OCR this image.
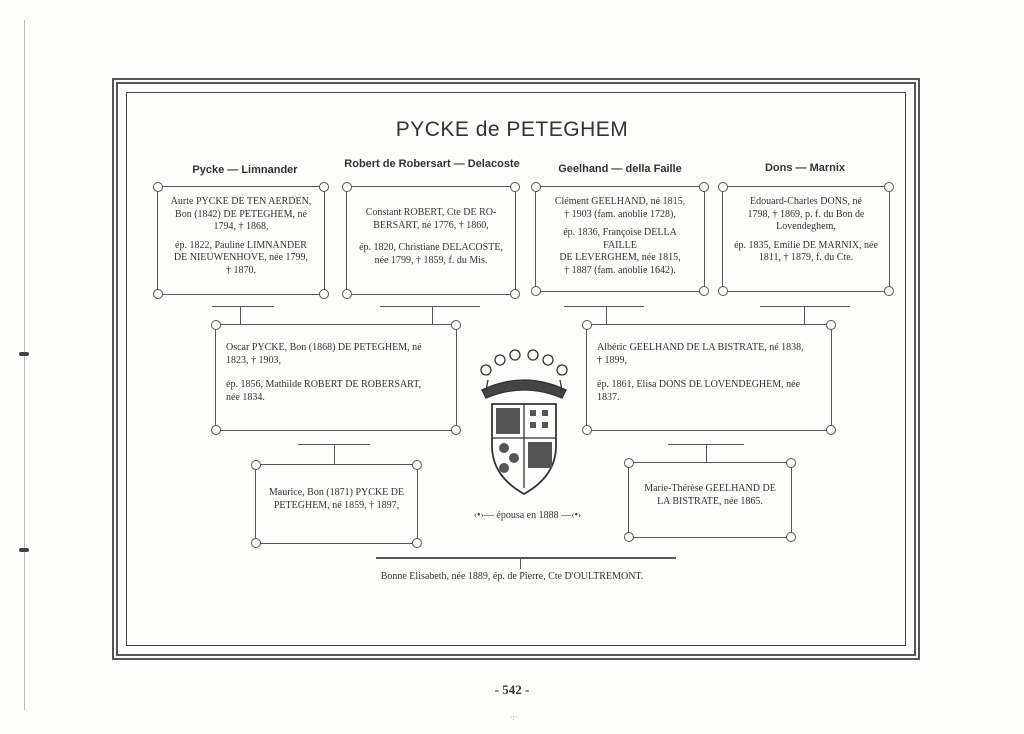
PYCKE de PETEGHEM
Pycke — Limnander	Robert de Robersart — Delacoste	Geelhand — della Faille	Dons — Marnix

Aurte PYCKE DE TEN AERDEN,
Bon (1842) DE PETEGHEM, né
1794, † 1868,

ép. 1822, Pauline LIMNANDER
DE NIEUWENHOVE, née 1799,
† 1870.

Constant ROBERT, Cte DE RO-
BERSART, né 1776, † 1860,

ép. 1820, Christiane DELACOSTE,
née 1799, † 1859, f. du Mis.

Clément GEELHAND, né 1815,
† 1903 (fam. anoblie 1728),

ép. 1836, Françoise DELLA FAILLE
DE LEVERGHEM, née 1815,
† 1887 (fam. anoblie 1642).

Edouard-Charles DONS, né
1798, † 1869, p. f. du Bon de
Lovendeghem,

ép. 1835, Emilie DE MARNIX, née
1811, † 1879, f. du Cte.

Oscar PYCKE, Bon (1868) DE PETEGHEM, né
1823, † 1903,

ép. 1856, Mathilde ROBERT DE ROBERSART,
née 1834.

Albéric GEELHAND DE LA BISTRATE, né 1838,
† 1899,

ép. 1861, Elisa DONS DE LOVENDEGHEM, née
1837.

Maurice, Bon (1871) PYCKE DE
PETEGHEM, né 1859, † 1897,

Marie-Thérèse GEELHAND DE
LA BISTRATE, née 1865.

‹•›— épousa en 1888 —‹•›
Bonne Elisabeth, née 1889, ép. de Pierre, Cte D'OULTREMONT.
- 542 -
·:·
